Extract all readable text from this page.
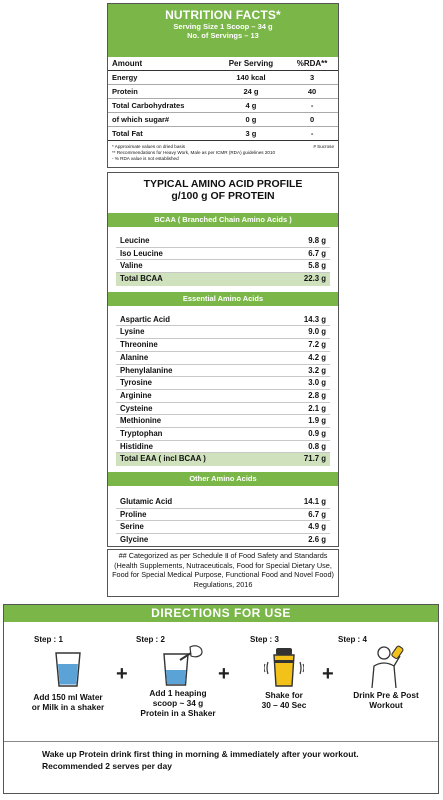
NUTRITION FACTS*
Serving Size 1 Scoop – 34 g
No. of Servings – 13
Amount	Per Serving	%RDA**
Energy	140 kcal	3
Protein	24 g	40
Total Carbohydrates	4 g	-
of which sugar#	0 g	0
Total Fat	3 g	-
* Approximate values on dried basis
** Recommendations for Heavy Work, Male as per ICMR (RDA) guidelines 2010
- % RDA value is not established
# Sucrose
TYPICAL AMINO ACID PROFILE
g/100 g OF PROTEIN
BCAA ( Branched Chain Amino Acids )
Leucine	9.8 g
Iso Leucine	6.7 g
Valine	5.8 g
Total BCAA	22.3 g
Essential Amino Acids
Aspartic Acid	14.3 g
Lysine	9.0 g
Threonine	7.2 g
Alanine	4.2 g
Phenylalanine	3.2 g
Tyrosine	3.0 g
Arginine	2.8 g
Cysteine	2.1 g
Methionine	1.9 g
Tryptophan	0.9 g
Histidine	0.8 g
Total EAA ( incl BCAA )	71.7 g
Other Amino Acids
Glutamic Acid	14.1 g
Proline	6.7 g
Serine	4.9 g
Glycine	2.6 g
## Categorized as per Schedule Ⅱ of Food Safety and Standards (Health Supplements, Nutraceuticals, Food for Special Dietary Use, Food for Special Medical Purpose, Functional Food and Novel Food) Regulations, 2016
DIRECTIONS FOR USE
Step : 1
Add 150 ml Water
or Milk in a shaker
+
Step : 2
Add 1 heaping
scoop ~ 34 g
Protein in a Shaker
+
Step : 3
Shake for
30 – 40 Sec
+
Step : 4
Drink Pre & Post
Workout
Wake up Protein drink first thing in morning & immediately after your workout.
Recommended 2 serves per day
